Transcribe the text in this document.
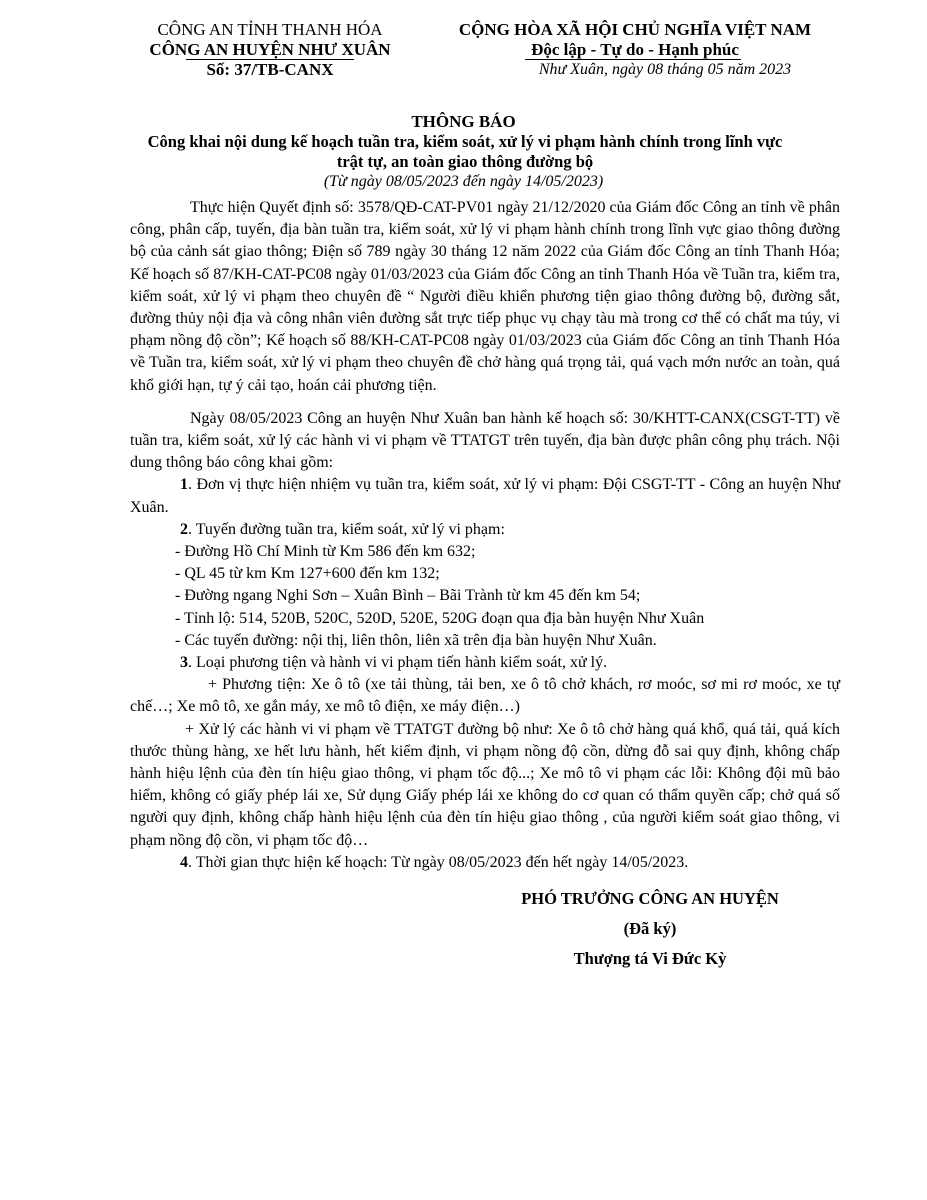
CÔNG AN TỈNH THANH HÓA
CÔNG AN HUYỆN NHƯ XUÂN
Số: 37/TB-CANX
CỘNG HÒA XÃ HỘI CHỦ NGHĨA VIỆT NAM
Độc lập - Tự do - Hạnh phúc
Như Xuân, ngày 08 tháng 05 năm 2023
THÔNG BÁO
Công khai nội dung kế hoạch tuần tra, kiểm soát, xử lý vi phạm hành chính trong lĩnh vực
trật tự, an toàn giao thông đường bộ
(Từ ngày 08/05/2023 đến ngày 14/05/2023)

Thực hiện Quyết định số: 3578/QĐ-CAT-PV01 ngày 21/12/2020 của Giám đốc Công an tỉnh về phân công, phân cấp, tuyến, địa bàn tuần tra, kiểm soát, xử lý vi phạm hành chính trong lĩnh vực giao thông đường bộ của cảnh sát giao thông; Điện số 789 ngày 30 tháng 12 năm 2022 của Giám đốc Công an tỉnh Thanh Hóa; Kế hoạch số 87/KH-CAT-PC08 ngày 01/03/2023 của Giám đốc Công an tỉnh Thanh Hóa về Tuần tra, kiểm tra, kiểm soát, xử lý vi phạm theo chuyên đề “ Người điều khiển phương tiện giao thông đường bộ, đường sắt, đường thủy nội địa và công nhân viên đường sắt trực tiếp phục vụ chạy tàu mà trong cơ thể có chất ma túy, vi phạm nồng độ cồn”; Kế hoạch số 88/KH-CAT-PC08 ngày 01/03/2023 của Giám đốc Công an tỉnh Thanh Hóa về Tuần tra, kiểm soát, xử lý vi phạm theo chuyên đề chở hàng quá trọng tải, quá vạch mớn nước an toàn, quá khổ giới hạn, tự ý cải tạo, hoán cải phương tiện.

Ngày 08/05/2023 Công an huyện Như Xuân ban hành kế hoạch số: 30/KHTT-CANX(CSGT-TT) về tuần tra, kiểm soát, xử lý các hành vi vi phạm về TTATGT trên tuyến, địa bàn được phân công phụ trách. Nội dung thông báo công khai gồm:

1. Đơn vị thực hiện nhiệm vụ tuần tra, kiểm soát, xử lý vi phạm: Đội CSGT-TT - Công an huyện Như Xuân.

2. Tuyến đường tuần tra, kiểm soát, xử lý vi phạm:

- Đường Hồ Chí Minh từ Km 586 đến km 632;

- QL 45 từ km Km 127+600 đến km 132;

- Đường ngang Nghi Sơn – Xuân Bình – Bãi Trành từ km 45 đến km 54;

- Tỉnh lộ: 514, 520B, 520C, 520D, 520E, 520G đoạn qua địa bàn huyện Như Xuân

- Các tuyến đường: nội thị, liên thôn, liên xã trên địa bàn huyện Như Xuân.

3. Loại phương tiện và hành vi vi phạm tiến hành kiểm soát, xử lý.

+ Phương tiện: Xe ô tô (xe tải thùng, tải ben, xe ô tô chở khách, rơ moóc, sơ mi rơ moóc, xe tự chế…; Xe mô tô, xe gắn máy, xe mô tô điện, xe máy điện…)

+ Xử lý các hành vi vi phạm về TTATGT đường bộ như: Xe ô tô chở hàng quá khổ, quá tải, quá kích thước thùng hàng, xe hết lưu hành, hết kiểm định, vi phạm nồng độ cồn, dừng đỗ sai quy định, không chấp hành hiệu lệnh của đèn tín hiệu giao thông, vi phạm tốc độ...; Xe mô tô vi phạm các lỗi: Không đội mũ bảo hiểm, không có giấy phép lái xe, Sử dụng Giấy phép lái xe không do cơ quan có thẩm quyền cấp; chở quá số người quy định, không chấp hành hiệu lệnh của đèn tín hiệu giao thông , của người kiểm soát giao thông, vi phạm nồng độ cồn, vi phạm tốc độ…

4. Thời gian thực hiện kế hoạch: Từ ngày 08/05/2023 đến hết ngày 14/05/2023.

PHÓ TRƯỞNG CÔNG AN HUYỆN
(Đã ký)
Thượng tá Vi Đức Kỳ
